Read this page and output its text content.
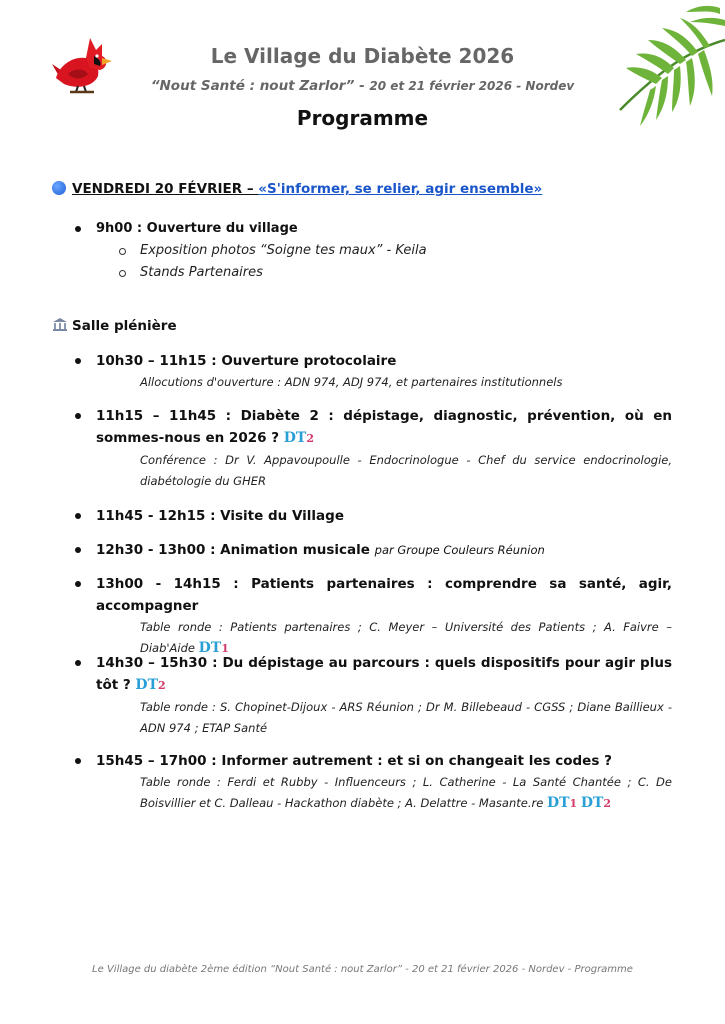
Le Village du Diabète 2026
“Nout Santé : nout Zarlor” - 20 et 21 février 2026 - Nordev
Programme
VENDREDI 20 FÉVRIER – «S'informer, se relier, agir ensemble»
9h00 : Ouverture du village
Exposition photos “Soigne tes maux” - Keila
Stands Partenaires
Salle plénière
10h30 – 11h15 : Ouverture protocolaire
Allocutions d'ouverture : ADN 974, ADJ 974, et partenaires institutionnels
11h15 – 11h45 : Diabète 2 : dépistage, diagnostic, prévention, où en sommes-nous en 2026 ? DT2
Conférence : Dr V. Appavoupoulle - Endocrinologue - Chef du service endocrinologie, diabétologie du GHER
11h45 - 12h15 : Visite du Village
12h30 - 13h00 : Animation musicale par Groupe Couleurs Réunion
13h00 - 14h15 : Patients partenaires : comprendre sa santé, agir, accompagner
Table ronde : Patients partenaires ; C. Meyer – Université des Patients ; A. Faivre – Diab'Aide DT1
14h30 – 15h30 : Du dépistage au parcours : quels dispositifs pour agir plus tôt ? DT2
Table ronde : S. Chopinet-Dijoux - ARS Réunion ; Dr M. Billebeaud - CGSS ; Diane Baillieux - ADN 974 ; ETAP Santé
15h45 – 17h00 : Informer autrement : et si on changeait les codes ?
Table ronde : Ferdi et Rubby - Influenceurs ; L. Catherine - La Santé Chantée ; C. De Boisvillier et C. Dalleau - Hackathon diabète ; A. Delattre - Masante.re DT1 DT2
Le Village du diabète 2ème édition “Nout Santé : nout Zarlor” - 20 et 21 février 2026 - Nordev - Programme
